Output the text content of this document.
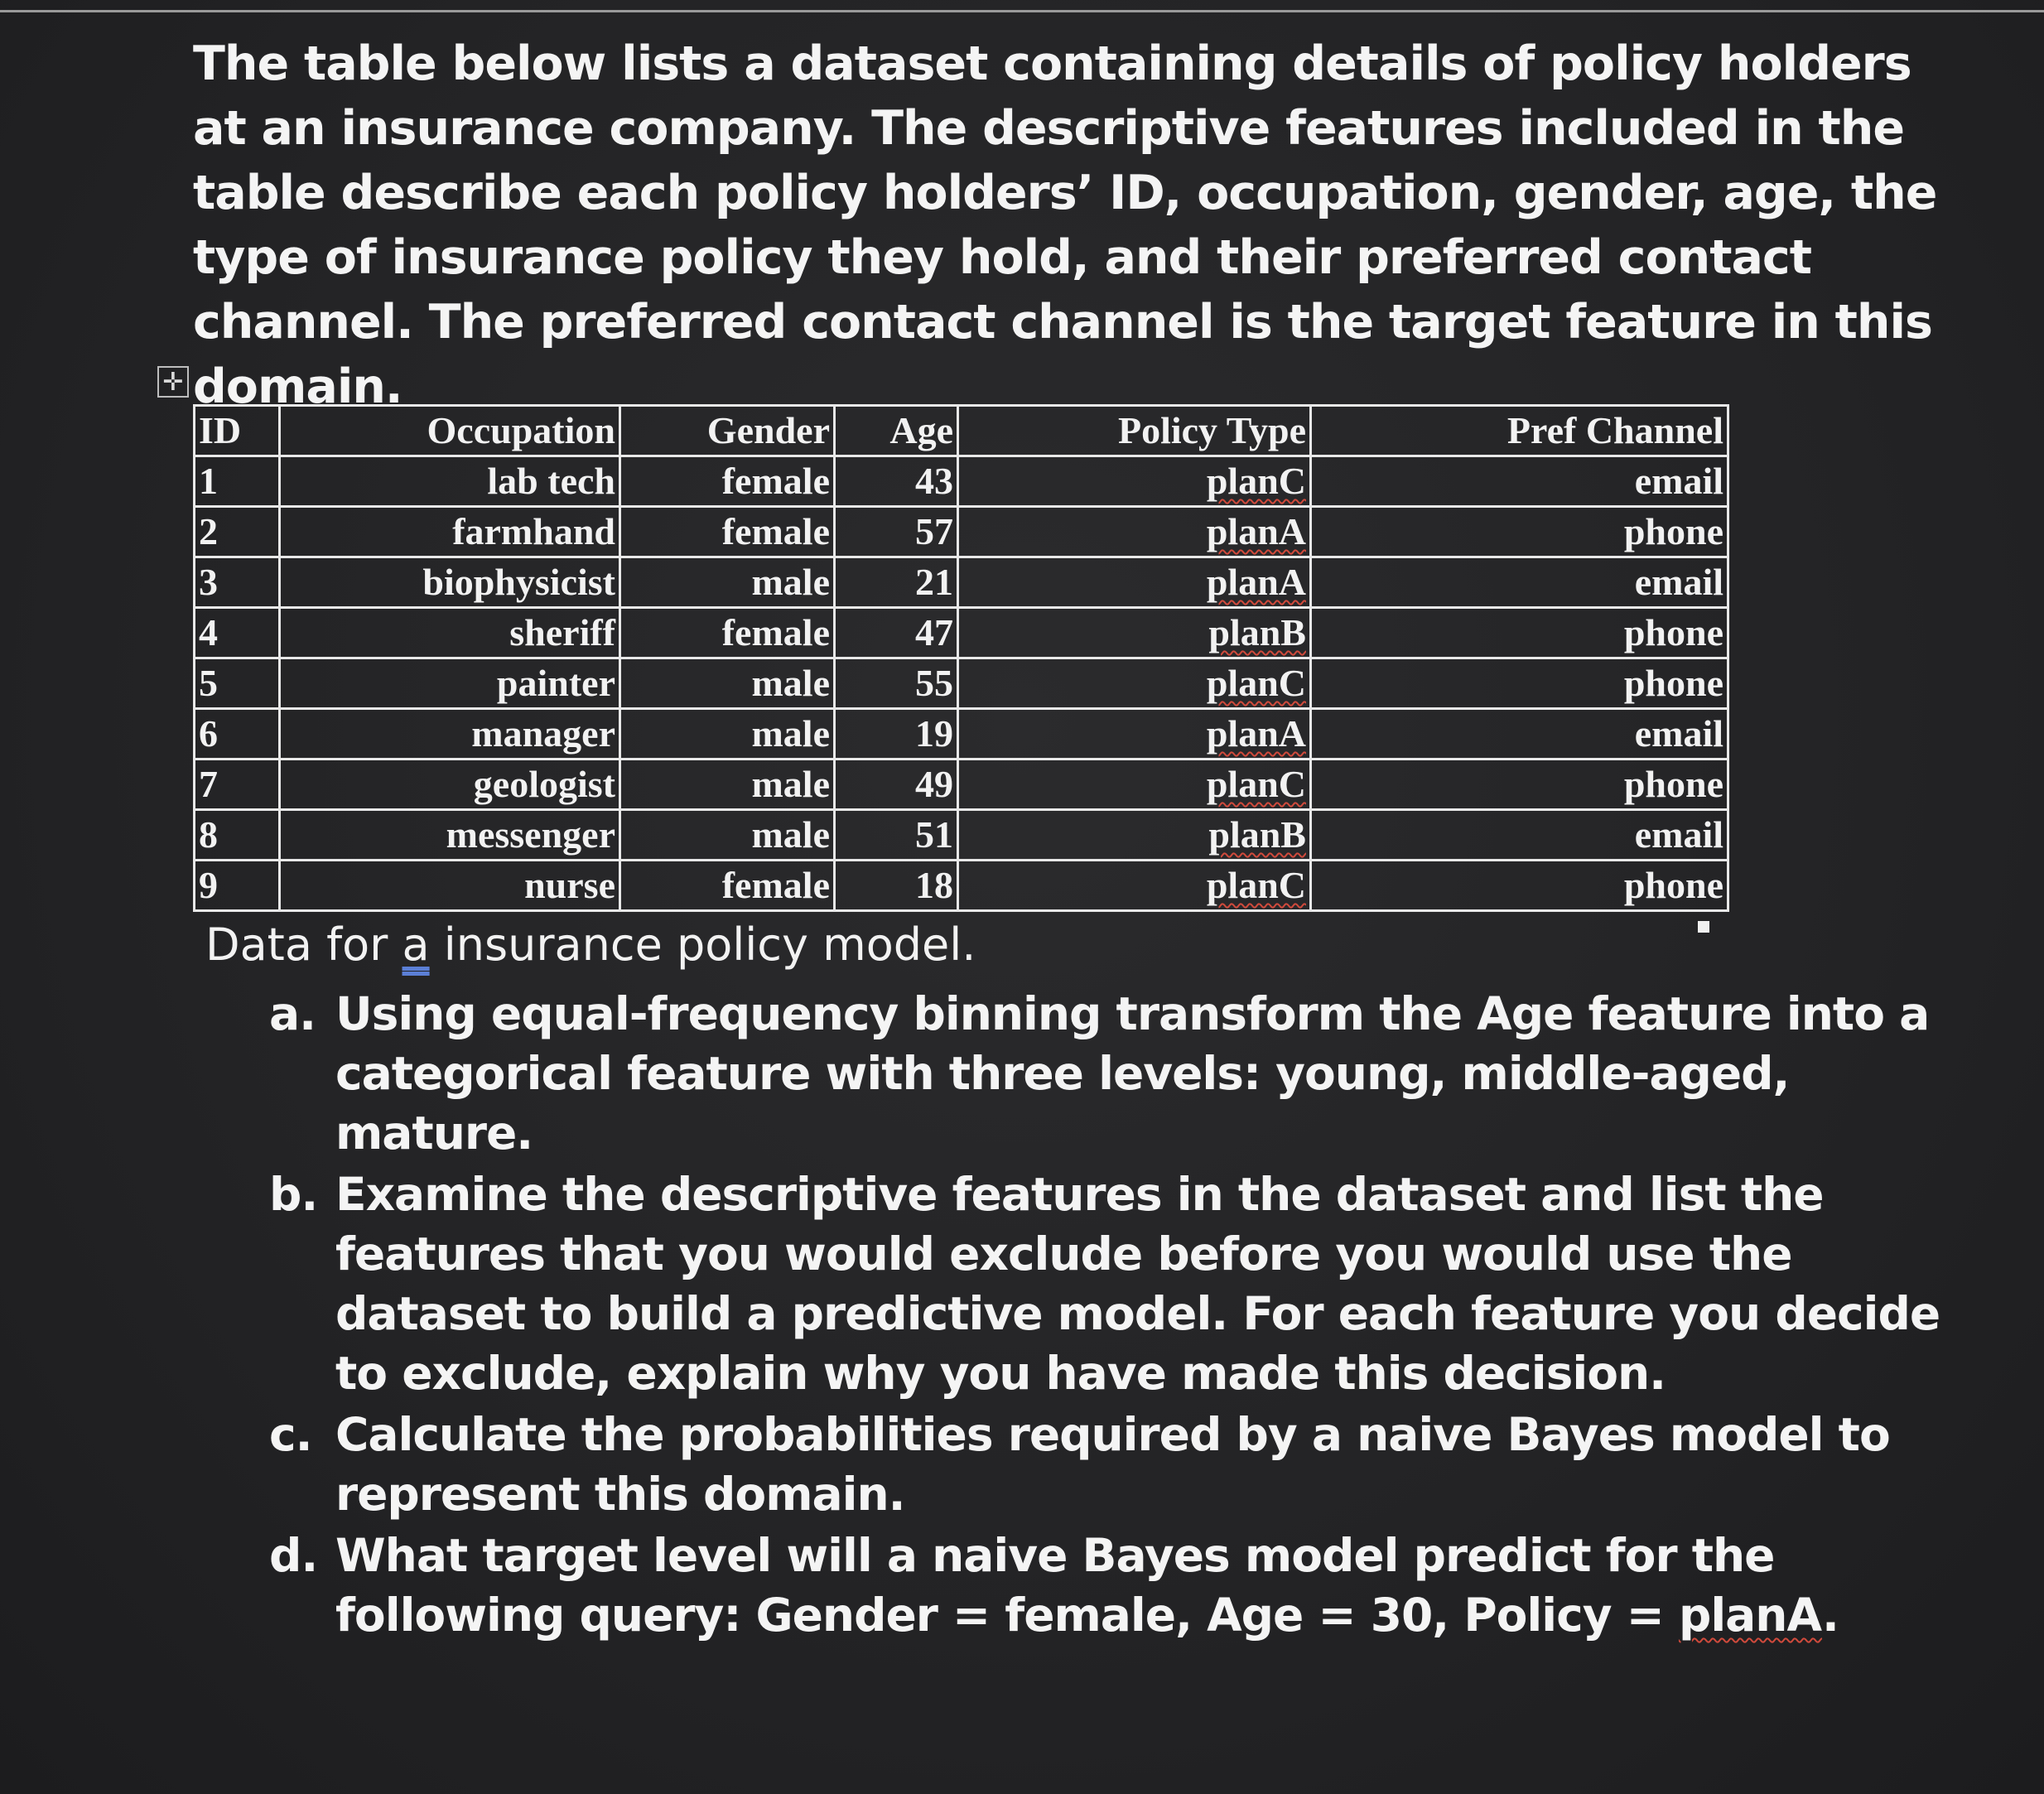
The table below lists a dataset containing details of policy holders at an insurance company. The descriptive features included in the table describe each policy holders’ ID, occupation, gender, age, the type of insurance policy they hold, and their preferred contact channel. The preferred contact channel is the target feature in this domain.
✛
ID	Occupation	Gender	Age	Policy Type	Pref Channel
1	lab tech	female	43	planC	email
2	farmhand	female	57	planA	phone
3	biophysicist	male	21	planA	email
4	sheriff	female	47	planB	phone
5	painter	male	55	planC	phone
6	manager	male	19	planA	email
7	geologist	male	49	planC	phone
8	messenger	male	51	planB	email
9	nurse	female	18	planC	phone
Data for a insurance policy model.
a. Using equal-frequency binning transform the Age feature into a categorical feature with three levels: young, middle-aged, mature.
b. Examine the descriptive features in the dataset and list the features that you would exclude before you would use the dataset to build a predictive model. For each feature you decide to exclude, explain why you have made this decision.
c. Calculate the probabilities required by a naive Bayes model to represent this domain.
d. What target level will a naive Bayes model predict for the following query: Gender = female, Age = 30, Policy = planA.
